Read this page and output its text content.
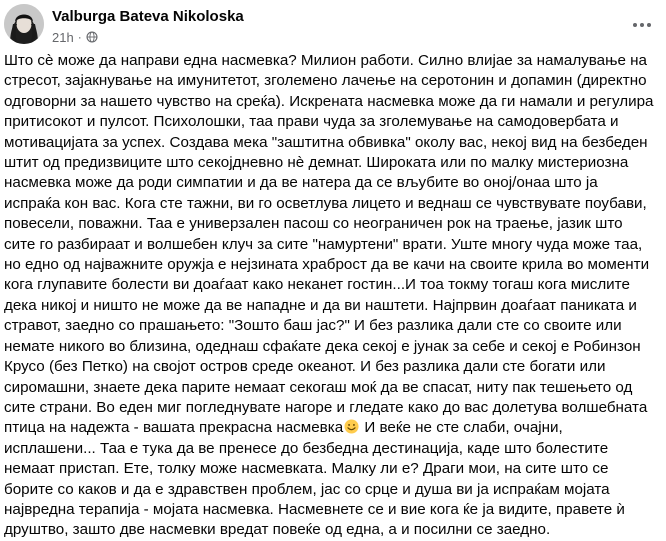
Valburga Bateva Nikoloska
21h ·

Што сè може да направи една насмевка? Милион работи. Силно влијае за намалување на стресот, зајакнување на имунитетот, зголемено лачење на серотонин и допамин (директно одговорни за нашето чувство на среќа). Искрената насмевка може да ги намали и регулира притисокот и пулсот. Психолошки, таа прави чуда за зголемување на самодовербата и мотивацијата за успех. Создава мека "заштитна обвивка" околу вас, некој вид на безбеден штит од предизвиците што секојдневно нè демнат. Широката или по малку мистериозна насмевка може да роди симпатии и да ве натера да се вљубите во оној/онаа што ја испраќа кон вас. Кога сте тажни, ви го осветлува лицето и веднаш се чувствувате поубави, повесели, поважни. Таа е универзален пасош со неограничен рок на траење, јазик што сите го разбираат и волшебен клуч за сите "намуртени" врати. Уште многу чуда може таа, но едно од најважните оружја е нејзината храброст да ве качи на своите крила во моменти кога глупавите болести ви доаѓаат како неканет гостин...И тоа токму тогаш кога мислите дека никој и ништо не може да ве нападне и да ви наштети. Најпрвин доаѓаат паниката и стравот, заедно со прашањето: "Зошто баш јас?" И без разлика дали сте со своите или немате никого во близина, одеднаш сфаќате дека секој е јунак за себе и секој е Робинзон Крусо (без Петко) на својот остров среде океанот. И без разлика дали сте богати или сиромашни, знаете дека парите немаат секогаш моќ да ве спасат, ниту пак тешењето од сите страни. Во еден миг погледнувате нагоре и гледате како до вас долетува волшебната птица на надежта - вашата прекрасна насмевка И веќе не сте слаби, очајни, исплашени... Таа е тука да ве пренесе до безбедна дестинација, каде што болестите немаат пристап. Ете, толку може насмевката. Малку ли е? Драги мои, на сите што се борите со каков и да е здравствен проблем, јас со срце и душа ви ја испраќам мојата највредна терапија - мојата насмевка. Насмевнете се и вие кога ќе ја видите, правете ѝ друштво, зашто две насмевки вредат повеќе од една, а и посилни се заедно.
